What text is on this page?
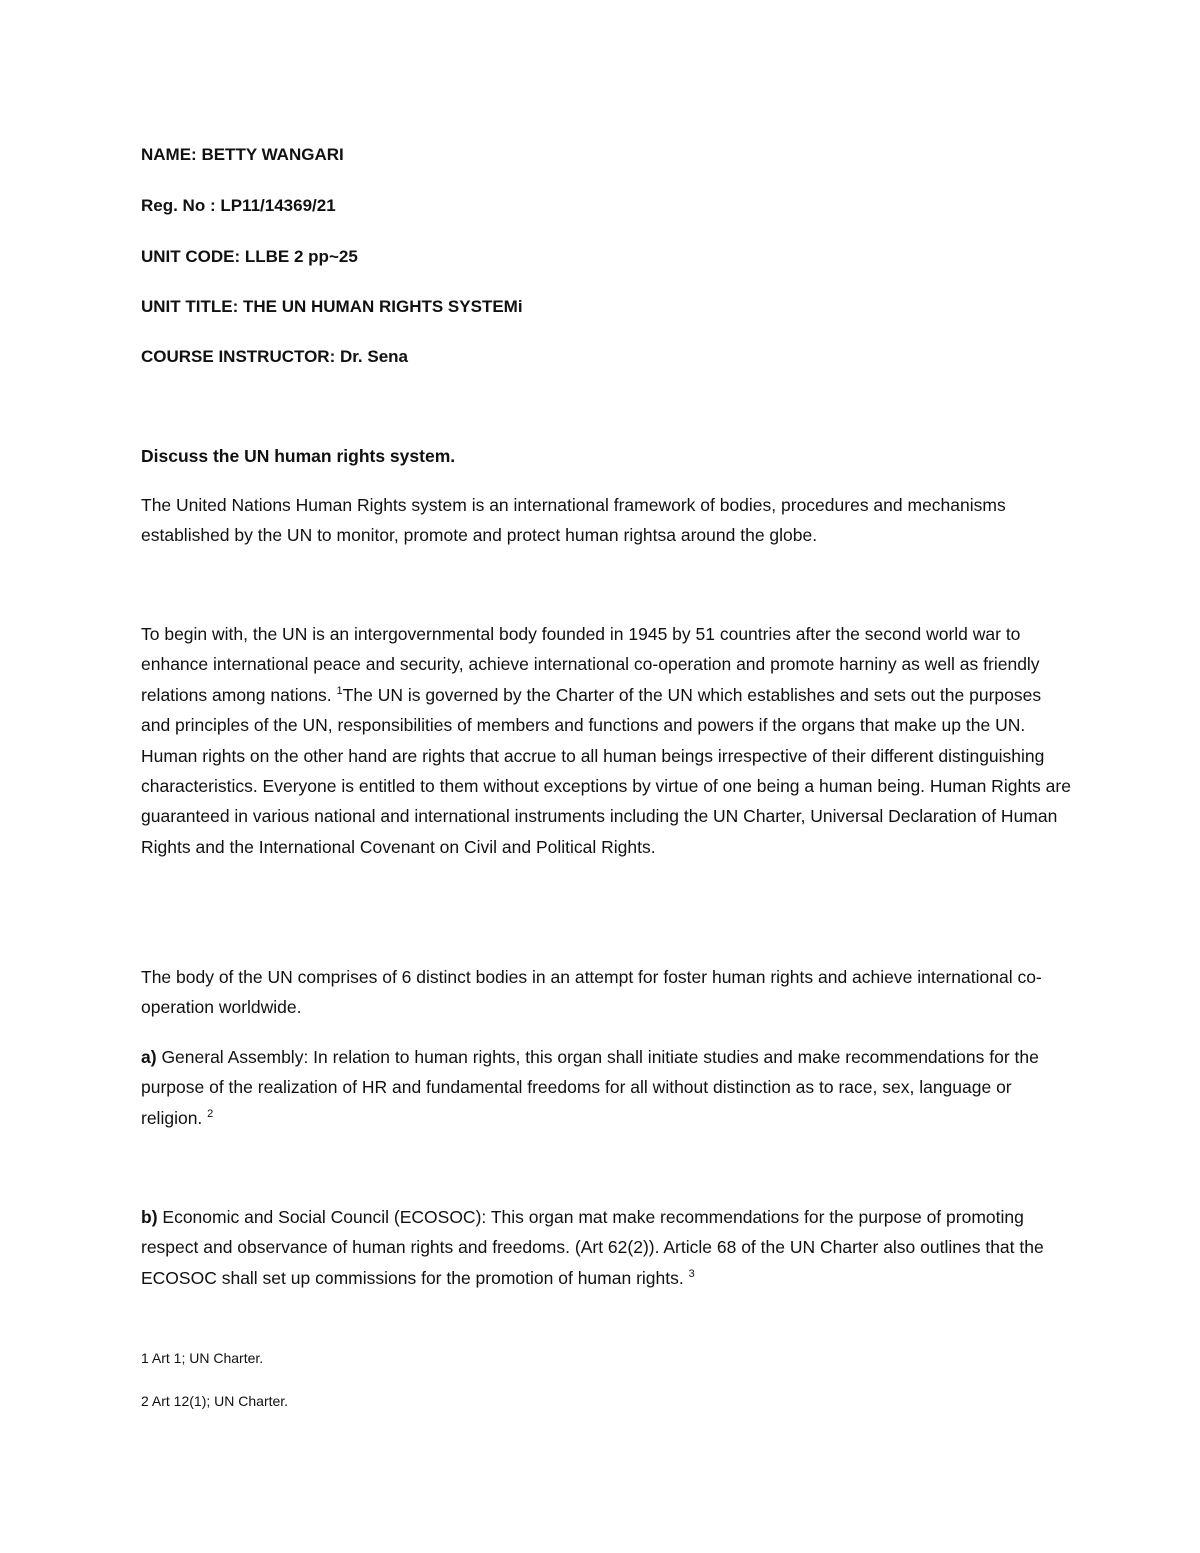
NAME: BETTY WANGARI

Reg. No : LP11/14369/21

UNIT CODE: LLBE 2 pp~25

UNIT TITLE: THE UN HUMAN RIGHTS SYSTEMi

COURSE INSTRUCTOR: Dr. Sena

Discuss the UN human rights system.

The United Nations Human Rights system is an international framework of bodies, procedures and mechanisms established by the UN to monitor, promote and protect human rightsa around the globe.

To begin with, the UN is an intergovernmental body founded in 1945 by 51 countries after the second world war to enhance international peace and security, achieve international co-operation and promote harniny as well as friendly relations among nations. $^1$The UN is governed by the Charter of the UN which establishes and sets out the purposes and principles of the UN, responsibilities of members and functions and powers if the organs that make up the UN. Human rights on the other hand are rights that accrue to all human beings irrespective of their different distinguishing characteristics. Everyone is entitled to them without exceptions by virtue of one being a human being. Human Rights are guaranteed in various national and international instruments including the UN Charter, Universal Declaration of Human Rights and the International Covenant on Civil and Political Rights.

The body of the UN comprises of 6 distinct bodies in an attempt for foster human rights and achieve international co-operation worldwide.

a) General Assembly: In relation to human rights, this organ shall initiate studies and make recommendations for the purpose of the realization of HR and fundamental freedoms for all without distinction as to race, sex, language or religion. $^2$

b) Economic and Social Council (ECOSOC): This organ mat make recommendations for the purpose of promoting respect and observance of human rights and freedoms. (Art 62(2)). Article 68 of the UN Charter also outlines that the ECOSOC shall set up commissions for the promotion of human rights. $^3$

1 Art 1; UN Charter.

2 Art 12(1); UN Charter.
